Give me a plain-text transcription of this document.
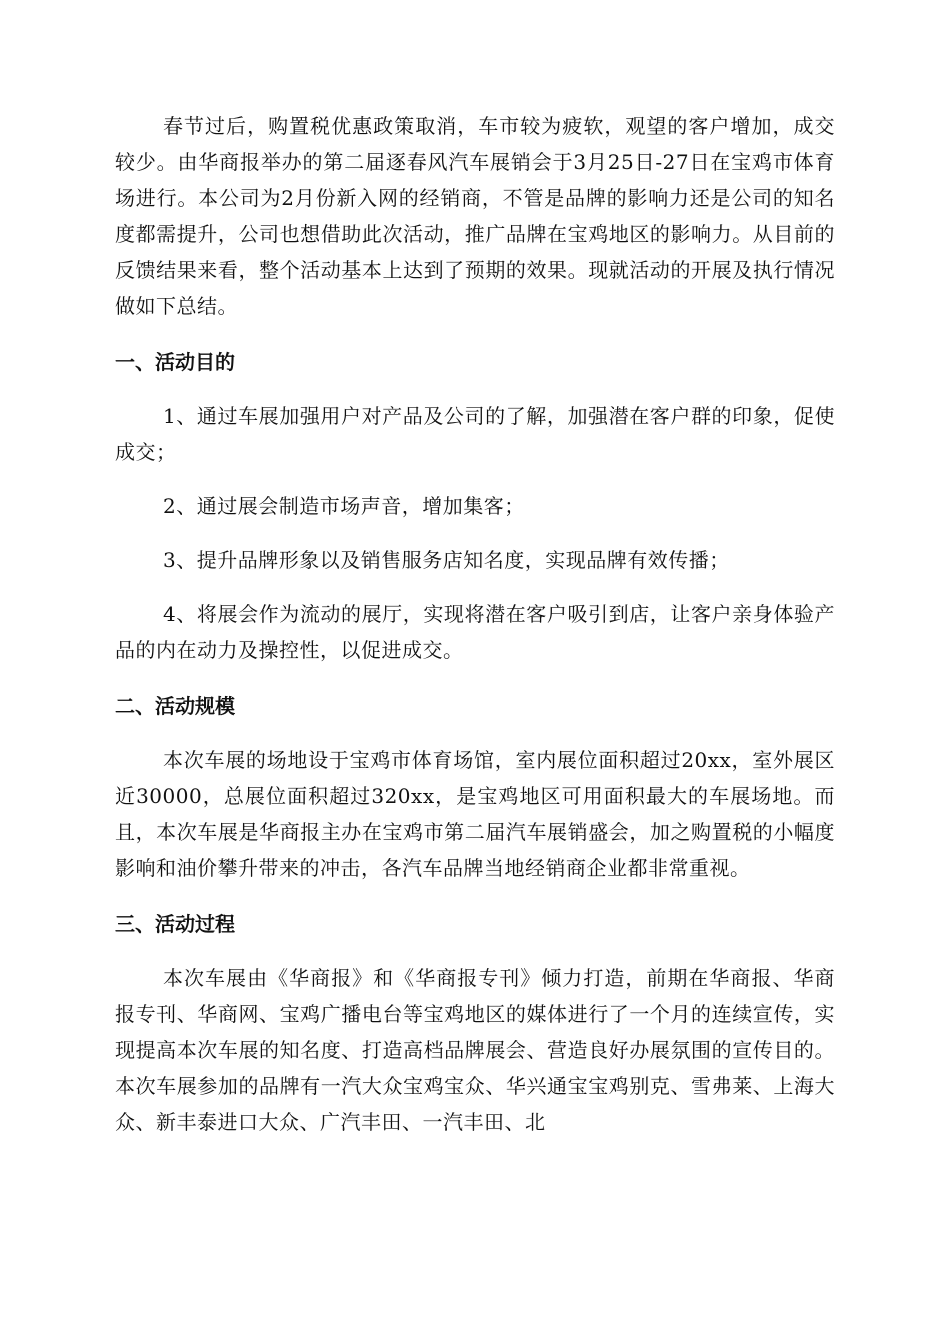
春节过后，购置税优惠政策取消，车市较为疲软，观望的客户增加，成交较少。由华商报举办的第二届逐春风汽车展销会于3月25日-27日在宝鸡市体育场进行。本公司为2月份新入网的经销商，不管是品牌的影响力还是公司的知名度都需提升，公司也想借助此次活动，推广品牌在宝鸡地区的影响力。从目前的反馈结果来看，整个活动基本上达到了预期的效果。现就活动的开展及执行情况做如下总结。

一、活动目的

1、通过车展加强用户对产品及公司的了解，加强潜在客户群的印象，促使成交；

2、通过展会制造市场声音，增加集客；

3、提升品牌形象以及销售服务店知名度，实现品牌有效传播；

4、将展会作为流动的展厅，实现将潜在客户吸引到店，让客户亲身体验产品的内在动力及操控性，以促进成交。

二、活动规模

本次车展的场地设于宝鸡市体育场馆，室内展位面积超过20xx，室外展区近30000，总展位面积超过320xx，是宝鸡地区可用面积最大的车展场地。而且，本次车展是华商报主办在宝鸡市第二届汽车展销盛会，加之购置税的小幅度影响和油价攀升带来的冲击，各汽车品牌当地经销商企业都非常重视。

三、活动过程

本次车展由《华商报》和《华商报专刊》倾力打造，前期在华商报、华商报专刊、华商网、宝鸡广播电台等宝鸡地区的媒体进行了一个月的连续宣传，实现提高本次车展的知名度、打造高档品牌展会、营造良好办展氛围的宣传目的。本次车展参加的品牌有一汽大众宝鸡宝众、华兴通宝宝鸡别克、雪弗莱、上海大众、新丰泰进口大众、广汽丰田、一汽丰田、北
